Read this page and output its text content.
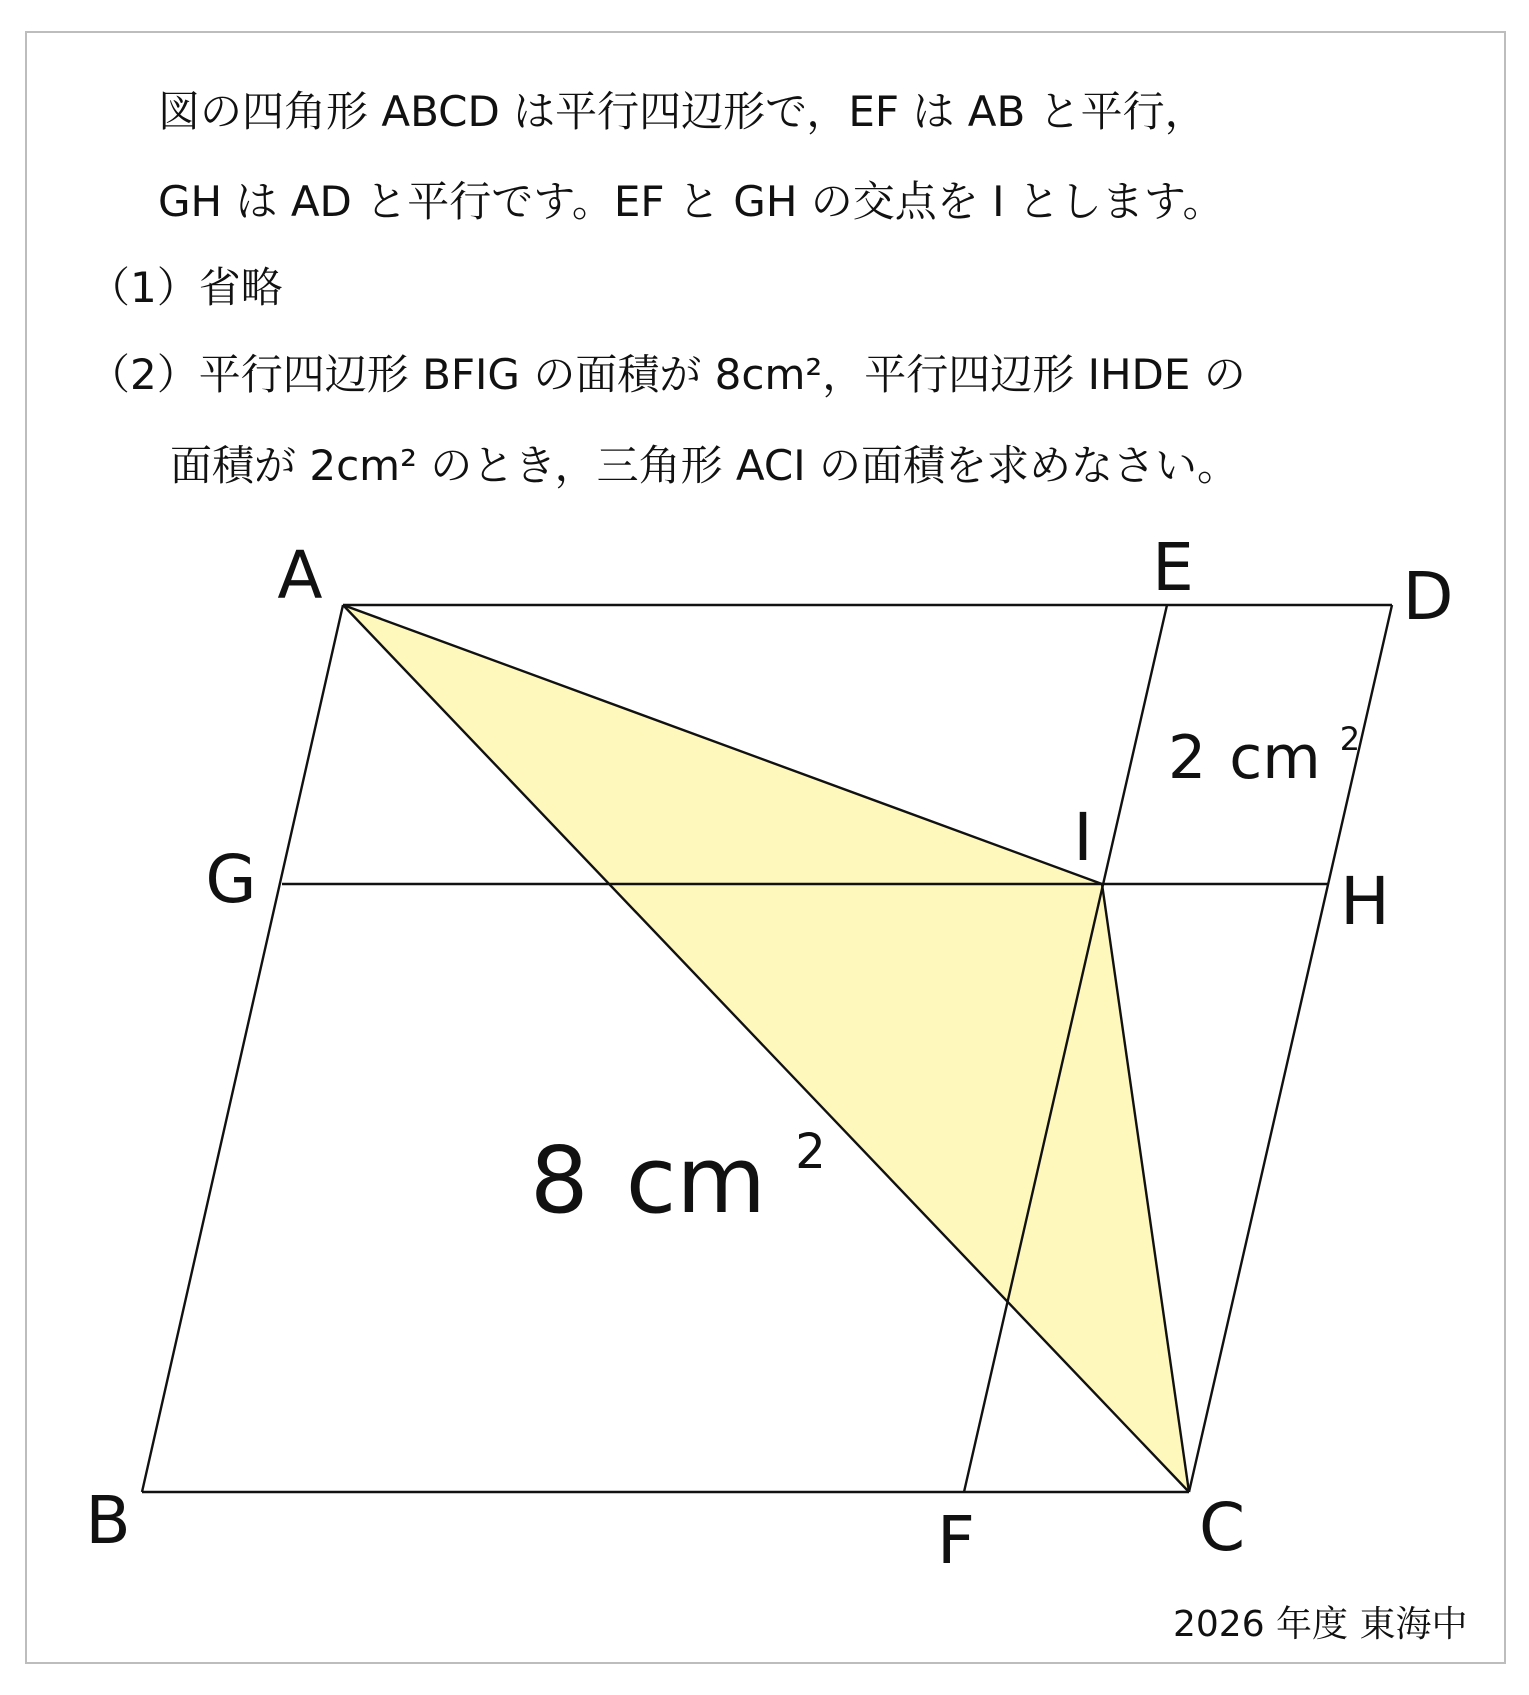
図の四角形 ABCD は平行四辺形で，EF は AB と平行，
GH は AD と平行です。EF と GH の交点を I とします。
（1）省略
（2）平行四辺形 BFIG の面積が 8cm²，平行四辺形 IHDE の
面積が 2cm² のとき，三角形 ACI の面積を求めなさい。
A	E	D
G	H
I
B	F	C
8 cm $^2$
2 cm $^2$
2026 年度 東海中
